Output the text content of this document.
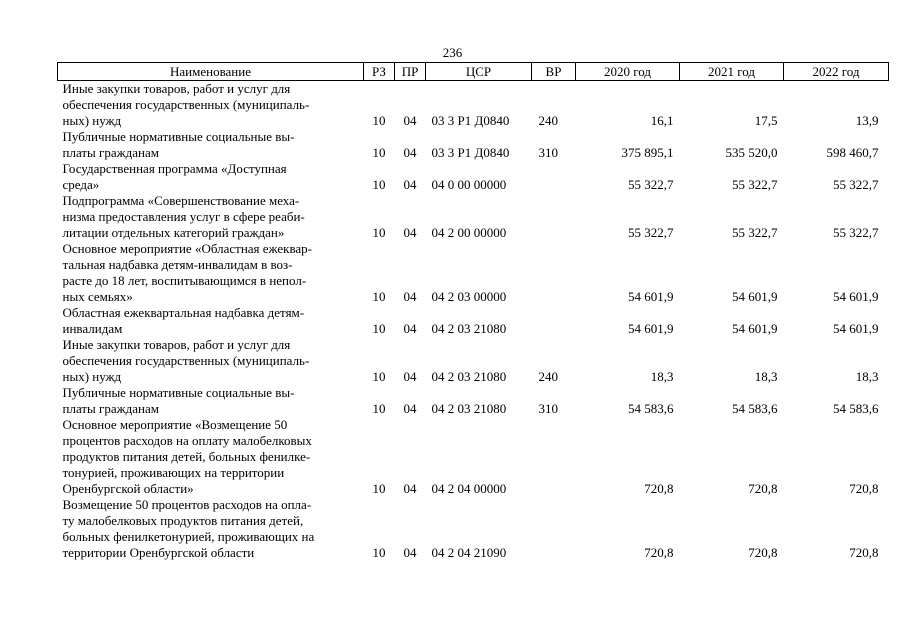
236
Наименование	РЗ	ПР	ЦСР	ВР	2020 год	2021 год	2022 год

Иные закупки товаров, работ и услуг для
обеспечения государственных (муниципаль-
ных) нужд	10	04	03 3 P1 Д0840	240	16,1	17,5	13,9

Публичные нормативные социальные вы-
платы гражданам	10	04	03 3 P1 Д0840	310	375 895,1	535 520,0	598 460,7

Государственная программа «Доступная
среда»	10	04	04 0 00 00000		55 322,7	55 322,7	55 322,7

Подпрограмма «Совершенствование меха-
низма предоставления услуг в сфере реаби-
литации отдельных категорий граждан»	10	04	04 2 00 00000		55 322,7	55 322,7	55 322,7

Основное мероприятие «Областная ежеквар-
тальная надбавка детям-инвалидам в воз-
расте до 18 лет, воспитывающимся в непол-
ных семьях»	10	04	04 2 03 00000		54 601,9	54 601,9	54 601,9

Областная ежеквартальная надбавка детям-
инвалидам	10	04	04 2 03 21080		54 601,9	54 601,9	54 601,9

Иные закупки товаров, работ и услуг для
обеспечения государственных (муниципаль-
ных) нужд	10	04	04 2 03 21080	240	18,3	18,3	18,3

Публичные нормативные социальные вы-
платы гражданам	10	04	04 2 03 21080	310	54 583,6	54 583,6	54 583,6

Основное мероприятие «Возмещение 50
процентов расходов на оплату малобелковых
продуктов питания детей, больных фенилке-
тонурией, проживающих на территории
Оренбургской области»	10	04	04 2 04 00000		720,8	720,8	720,8

Возмещение 50 процентов расходов на опла-
ту малобелковых продуктов питания детей,
больных фенилкетонурией, проживающих на
территории Оренбургской области	10	04	04 2 04 21090		720,8	720,8	720,8
